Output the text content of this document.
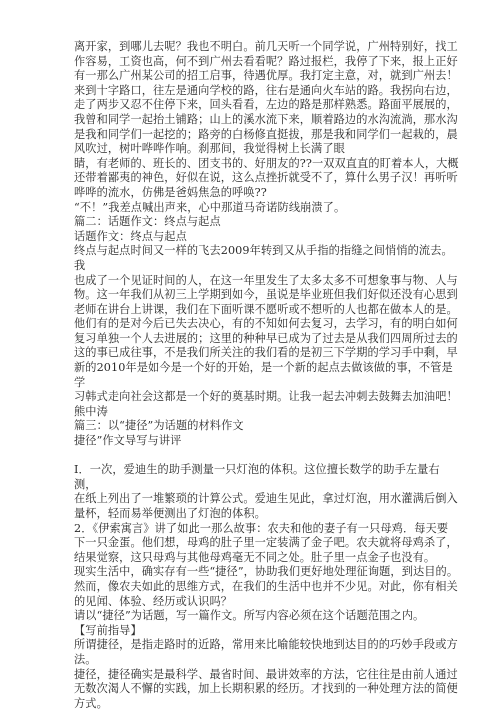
离开家，到哪儿去呢？我也不明白。前几天听一个同学说，广州特别好，找工

作容易，工资也高，何不到广州去看看呢？路过报栏，我停了下来，报上正好

有一那么广州某公司的招工启事，待遇优厚。我打定主意，对，就到广州去！

来到十字路口，往左是通向学校的路，往右是通向火车站的路。我拐向右边，

走了两步又忍不住停下来，回头看看，左边的路是那样熟悉。路面平展展的，

我曾和同学一起抬土铺路；山上的溪水流下来，顺着路边的水沟流淌，那水沟

是我和同学们一起挖的；路旁的白杨修直挺拔，那是我和同学们一起栽的，晨

风吹过，树叶哗哗作响。刹那间，我觉得树上长满了眼

睛，有老师的、班长的、团支书的、好朋友的??一双双直直的盯着本人，大概

还带着鄙夷的神色，好似在说，这么点挫折就受不了，算什么男子汉！再听听

哗哗的流水，仿佛是爸妈焦急的呼唤??

“不！”我差点喊出声来，心中那道马奇诺防线崩溃了。

篇二：话题作文：终点与起点

话题作文：终点与起点

终点与起点时间又一样的飞去2009年转到又从手指的指缝之间悄悄的流去。我

也成了一个见证时间的人，在这一年里发生了太多太多不可想象事与物、人与

物。这一年我们从初三上学期到如今，虽说是毕业班但我们好似还没有心思到

老师在讲台上讲课，我们在下面听课不愿听或不想听的人也都在做本人的是。

他们有的是对今后已失去决心，有的不知如何去复习，去学习，有的明白如何

复习单独一个人去进展的；这里的种种早已成为了过去是从我们四周所过去的

这的事已成往事，不是我们所关注的我们看的是初三下学期的学习手中剩，早

新的2010年是如今是一个好的开始，是一个新的起点去做该做的事，不管是学

习韩式走向社会这都是一个好的奠基时期。让我一起去冲刺去鼓舞去加油吧！

熊中涛

篇三：以“捷径”为话题的材料作文

捷径”作文导写与讲评

I．一次，爱迪生的助手测量一只灯泡的体积。这位擅长数学的助手左量右测，

在纸上列出了一堆繁琐的计算公式。爱迪生见此，拿过灯泡，用水灌满后倒入

量杯，轻而易举便测出了灯泡的体积。

2．《伊索寓言》讲了如此一那么故事：农夫和他的妻子有一只母鸡．每天要

下一只金蛋。他们想，母鸡的肚子里一定装满了金子吧。农夫就将母鸡杀了，

结果觉察，这只母鸡与其他母鸡毫无不同之处。肚子里一点金子也没有。

现实生活中，确实存有一些“捷径”，协助我们更好地处理征询题，到达目的。

然而，像农夫如此的思维方式，在我们的生活中也并不少见。对此，你有相关

的见闻、体验、经历或认识吗？

请以“捷径”为话题，写一篇作文。所写内容必须在这个话题范围之内。

【写前指导】

所谓捷径，是指走路时的近路，常用来比喻能较快地到达目的的巧妙手段或方

法。

捷径，捷径确实是最科学、最省时间、最讲效率的方法，它往往是由前人通过

无数次渴人不懈的实践，加上长期积累的经历。才找到的一种处理方法的简便

方式。
